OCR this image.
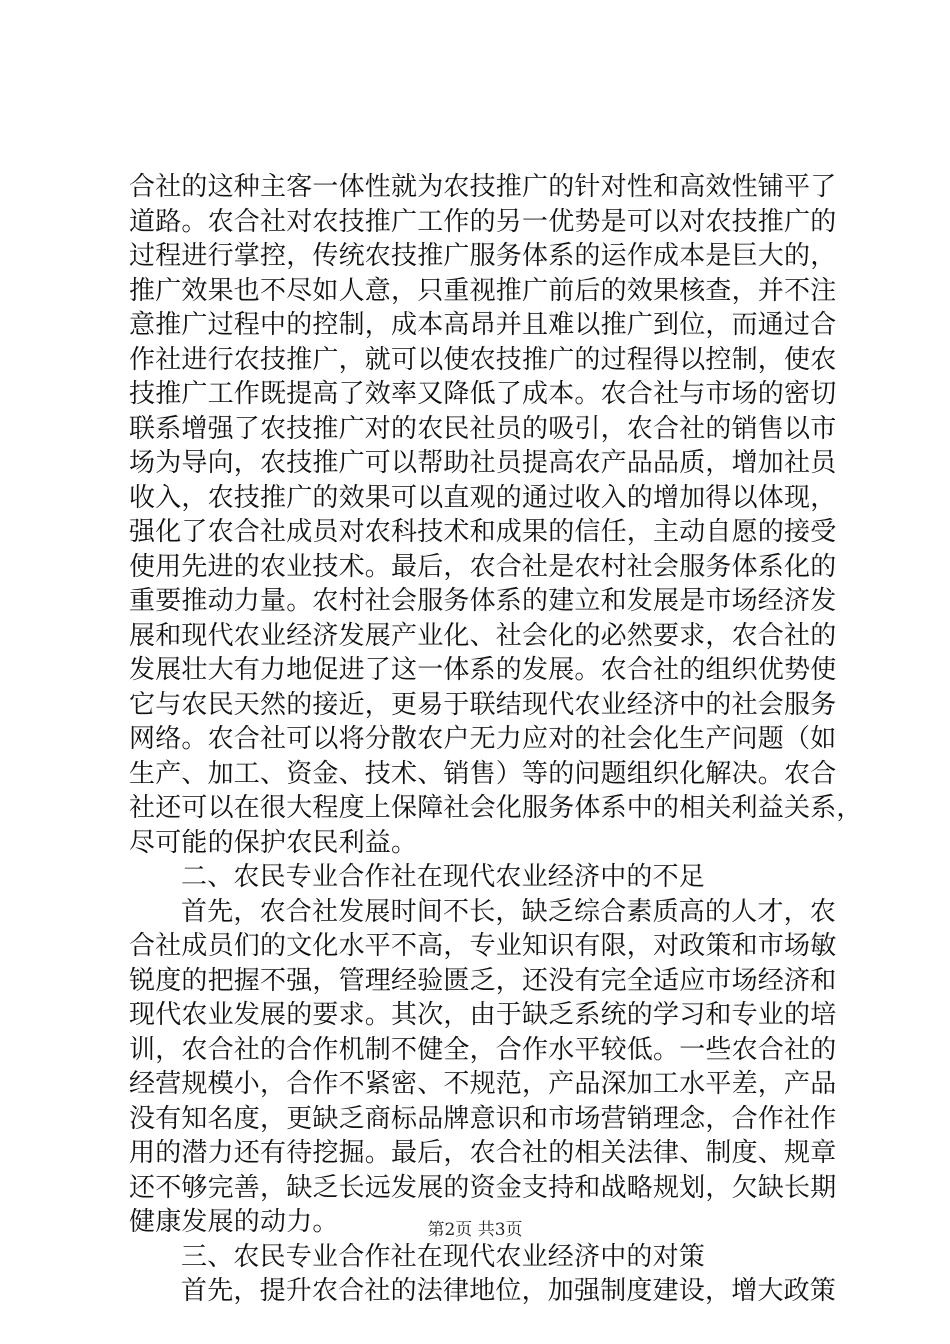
合社的这种主客一体性就为农技推广的针对性和高效性铺平了
道路。农合社对农技推广工作的另一优势是可以对农技推广的
过程进行掌控，传统农技推广服务体系的运作成本是巨大的，
推广效果也不尽如人意，只重视推广前后的效果核查，并不注
意推广过程中的控制，成本高昂并且难以推广到位，而通过合
作社进行农技推广，就可以使农技推广的过程得以控制，使农
技推广工作既提高了效率又降低了成本。农合社与市场的密切
联系增强了农技推广对的农民社员的吸引，农合社的销售以市
场为导向，农技推广可以帮助社员提高农产品品质，增加社员
收入，农技推广的效果可以直观的通过收入的增加得以体现，
强化了农合社成员对农科技术和成果的信任，主动自愿的接受
使用先进的农业技术。最后，农合社是农村社会服务体系化的
重要推动力量。农村社会服务体系的建立和发展是市场经济发
展和现代农业经济发展产业化、社会化的必然要求，农合社的
发展壮大有力地促进了这一体系的发展。农合社的组织优势使
它与农民天然的接近，更易于联结现代农业经济中的社会服务
网络。农合社可以将分散农户无力应对的社会化生产问题（如
生产、加工、资金、技术、销售）等的问题组织化解决。农合
社还可以在很大程度上保障社会化服务体系中的相关利益关系，
尽可能的保护农民利益。
二、农民专业合作社在现代农业经济中的不足
首先，农合社发展时间不长，缺乏综合素质高的人才，农
合社成员们的文化水平不高，专业知识有限，对政策和市场敏
锐度的把握不强，管理经验匮乏，还没有完全适应市场经济和
现代农业发展的要求。其次，由于缺乏系统的学习和专业的培
训，农合社的合作机制不健全，合作水平较低。一些农合社的
经营规模小，合作不紧密、不规范，产品深加工水平差，产品
没有知名度，更缺乏商标品牌意识和市场营销理念，合作社作
用的潜力还有待挖掘。最后，农合社的相关法律、制度、规章
还不够完善，缺乏长远发展的资金支持和战略规划，欠缺长期
健康发展的动力。
三、农民专业合作社在现代农业经济中的对策
首先，提升农合社的法律地位，加强制度建设，增大政策
第2页 共3页
